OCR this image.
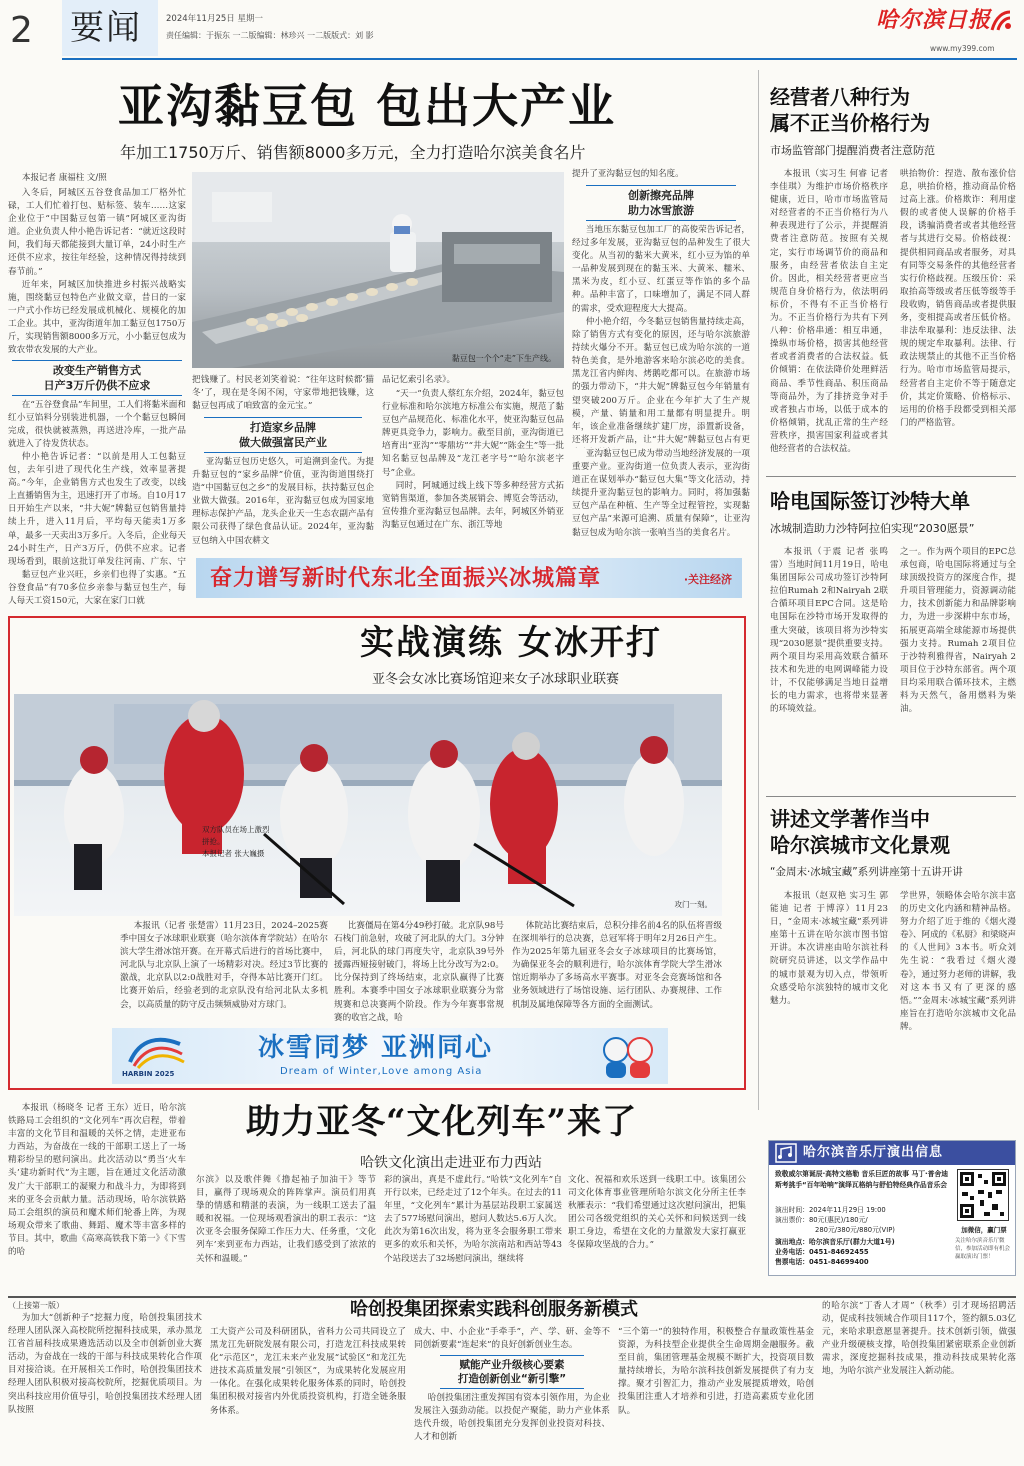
2	要闻	2024年11月25日 星期一
责任编辑：于振东 一二版编辑：林珍兴 一二版版式：刘 影
哈尔滨日报
www.my399.com
亚沟黏豆包 包出大产业
年加工1750万斤、销售额8000多万元，全力打造哈尔滨美食名片
本报记者 康福柱 文/照
入冬后，阿城区五谷登食品加工厂格外忙碌，工人们忙着打包、贴标签、装车……这家企业位于“中国黏豆包第一镇”阿城区亚沟街道。企业负责人仲小艳告诉记者：“就近这段时间，我们每天都能接到大量订单，24小时生产还供不应求，按往年经验，这种情况得持续到春节前。”
近年来，阿城区加快推进乡村振兴战略实施，围绕黏豆包特色产业做文章，昔日的一家一户式小作坊已经发展成机械化、规模化的加工企业。其中，亚沟街道年加工黏豆包1750万斤，实现销售额8000多万元，小小黏豆包成为致农带农发展的大产业。
改变生产销售方式
日产3万斤仍供不应求
在“五谷登食品”车间里，工人们将黏米面和红小豆馅料分别装进机器，一个个黏豆包瞬间完成，很快就被蒸熟，再送进冷库，一批产品就进入了待发货状态。
仲小艳告诉记者：“以前是用人工包黏豆包，去年引进了现代化生产线，效率显著提高。”今年，企业销售方式也发生了改变，以线上直播销售为主，迅速打开了市场。自10月17日开始生产以来，“井大妮”牌黏豆包销售量持续上升，进入11月后，平均每天能卖1万多单，最多一天卖出3万多斤。入冬后，企业每天24小时生产，日产3万斤，仍供不应求。记者现场看到，眼前这批订单发往河南、广东、宁
黏豆包产业兴旺，乡亲们也得了实惠。“五谷登食品”有70多位乡亲参与黏豆包生产，每人每天工资150元，大家在家门口就
黏豆包一个个“走”下生产线。
把钱赚了。村民老刘笑着说：“往年这时候都‘猫冬’了，现在是冬闲不闲，守家带地把钱赚，这黏豆包再成了咱致富的金元宝。”
打造家乡品牌
做大做强富民产业
亚沟黏豆包历史悠久，可追溯到金代。为提升黏豆包的“家乡品牌”价值，亚沟街道围绕打造“中国黏豆包之乡”的发展目标，扶持黏豆包企业做大做强。2016年，亚沟黏豆包成为国家地理标志保护产品，龙头企业天一生态农副产品有限公司获得了绿色食品认证。2024年，亚沟黏豆包纳入中国农耕文
品记忆索引名录》。
“天一”负责人蔡红东介绍，2024年，黏豆包行业标准和哈尔滨地方标准公布实施，规范了黏豆包产品规范化、标准化水平，使亚沟黏豆包品牌更具竞争力，影响力。截至目前，亚沟街道已培育出“亚沟”“零鼎坊”“井大妮”“陈金生”等一批知名黏豆包品牌及“龙江老字号”“哈尔滨老字号”企业。
同时，阿城通过线上线下等多种经营方式拓宽销售渠道，参加各类展销会、博览会等活动，宣传推介亚沟黏豆包品牌。去年，阿城区外销亚沟黏豆包通过在广东、浙江等地
提升了亚沟黏豆包的知名度。
创新擦亮品牌
助力冰雪旅游
当地压东黏豆包加工厂的高俊荣告诉记者，经过多年发展，亚沟黏豆包的品种发生了很大变化。从当初的黏米大黄米，红小豆为馅的单一品种发展到现在的黏玉米、大黄米、糯米、黑米为皮，红小豆、红蛋豆等作馅的多个品种。品种丰富了，口味增加了，满足不同人群的需求，受欢迎程度大大提高。
仲小艳介绍，今冬黏豆包销售量持续走高，除了销售方式有变化的原因，还与哈尔滨旅游持续火爆分不开。黏豆包已成为哈尔滨的一道特色美食，是外地游客来哈尔滨必吃的美食。黑龙江省内鲜肉、烤鹅吃都可以。在旅游市场的强力带动下，“井大妮”牌黏豆包今年销量有望突破200万斤。企业在今年扩大了生产规模，产量、销量和用工量都有明显提升。明年，该企业准备继续扩建厂房，添置新设备，还将开发新产品，让“井大妮”牌黏豆包占有更
亚沟黏豆包已成为带动当地经济发展的一项重要产业。亚沟街道一位负责人表示，亚沟街道正在谋划举办“黏豆包大集”等文化活动，持续提升亚沟黏豆包的影响力。同时，将加强黏豆包产品在种植、生产等全过程管控，实现黏豆包产品“来源可追溯、质量有保障”，让亚沟黏豆包成为哈尔滨一张响当当的美食名片。
奋力谱写新时代东北全面振兴冰城篇章	·关注经济
实战演练 女冰开打
亚冬会女冰比赛场馆迎来女子冰球职业联赛
双方队员在场上激烈拼抢。
本报记者 张大巍摄
攻门一刻。
本报讯（记者 张楚雷）11月23日，2024–2025赛季中国女子冰球职业联赛（哈尔滨体育学院站）在哈尔滨大学生滑冰馆开赛。在开幕式后进行的首场比赛中，河北队与北京队上演了一场精彩对决。经过3节比赛的激战，北京队以2:0战胜对手，夺得本站比赛开门红。比赛开始后，经验老到的北京队没有给河北队太多机会，以高质量的防守反击频频威胁对方球门。
比赛僵局在第4分49秒打破。北京队98号石栈门前急射，攻破了河北队的大门。3分钟后，河北队的球门再度失守，北京队39号外援露西娅接射破门，将场上比分改写为2:0。比分保持到了终场结束，北京队赢得了比赛胜利。本赛季中国女子冰球职业联赛分为常规赛和总决赛两个阶段。作为今年赛事常规赛的收官之战，哈
体院站比赛结束后，总积分排名前4名的队伍将晋级在深圳举行的总决赛，总冠军将于明年2月26日产生。作为2025年第九届亚冬会女子冰球项目的比赛场馆，为确保亚冬会的顺利进行，哈尔滨体育学院大学生滑冰馆近期举办了多场高水平赛事。对亚冬会竞赛场馆和各业务领域进行了场馆设施、运行团队、办赛规律、工作机制及属地保障等各方面的全面测试。
HARBIN 2025
冰雪同梦 亚洲同心
Dream of Winter,Love among Asia
本报讯（杨晓冬 记者 王东）近日，哈尔滨铁路局工会组织的“文化列车”再次启程，带着丰富的文化节目和温暖的关怀之情，走进亚布力西站，为奋战在一线的干部职工送上了一场精彩纷呈的慰问演出。此次活动以“勇当‘火车头’建功新时代”为主题，旨在通过文化活动激发广大干部职工的凝聚力和战斗力，为即将到来的亚冬会贡献力量。活动现场，哈尔滨铁路局工会组织的演员和魔术师们轮番上阵，为现场观众带来了歌曲、舞蹈、魔术等丰富多样的节目。其中，歌曲《高寒高铁我下第一》《下雪的哈
助力亚冬“文化列车”来了
哈铁文化演出走进亚布力西站
尔滨》以及歌伴舞《撸起袖子加油干》等节目，赢得了现场观众的阵阵掌声。演员们用真挚的情感和精湛的表演，为一线职工送去了温暖和祝福。一位现场观看演出的职工表示：“这次亚冬会服务保障工作压力大、任务重，‘文化列车’来到亚布力西站，让我们感受到了浓浓的关怀和温暖。”
彩的演出，真是不虚此行。”哈铁“文化列车”自开行以来，已经走过了12个年头。在过去的11年里，“文化列车”累计为基层站段职工家属送去了577场慰问演出，慰问人数达5.6万人次。此次为第16次出发，将为亚冬会服务职工带来更多的欢乐和关怀，为哈尔滨南站和西站等43个站段送去了32场慰问演出，继续将
文化、祝福和欢乐送到一线职工中。该集团公司文化体育事业管理所哈尔滨文化分所主任李秋雁表示：“我们希望通过这次慰问演出，把集团公司各级党组织的关心关怀和问候送到一线职工身边，希望在文化的力量激发大家打赢亚冬保障攻坚战的合力。”
经营者八种行为
属不正当价格行为
市场监管部门提醒消费者注意防范
本报讯（实习生 何睿 记者 李佳琪）为维护市场价格秩序健康，近日，哈市市场监管局对经营者的不正当价格行为八种表现进行了公示，并提醒消费者注意防范。按照有关规定，实行市场调节价的商品和服务，由经营者依法自主定价。因此，相关经营者更应当规范自身价格行为，依法明码标价，不得有不正当价格行为。不正当价格行为共有下列八种：价格串通：相互串通，操纵市场价格，损害其他经营者或者消费者的合法权益。低价倾销：在依法降价处理鲜活商品、季节性商品、积压商品等商品外，为了排挤竞争对手或者独占市场，以低于成本的价格倾销，扰乱正常的生产经营秩序，损害国家利益或者其他经营者的合法权益。
哄抬物价：捏造、散布涨价信息，哄抬价格，推动商品价格过高上涨。价格欺诈：利用虚假的或者使人误解的价格手段，诱骗消费者或者其他经营者与其进行交易。价格歧视：提供相同商品或者服务，对具有同等交易条件的其他经营者实行价格歧视。压级压价：采取抬高等级或者压低等级等手段收购，销售商品或者提供服务，变相提高或者压低价格。非法牟取暴利：违反法律、法规的规定牟取暴利。法律、行政法规禁止的其他不正当价格行为。哈市市场监管局提示，经营者自主定价不等于随意定价，其定价策略、价格标示、运用的价格手段都受到相关部门的严格监管。
哈电国际签订沙特大单
冰城制造助力沙特阿拉伯实现“2030愿景”
本报讯（于震 记者 张鸣雷）当地时间11月19日，哈电集团国际公司成功签订沙特阿拉伯Rumah 2和Nairyah 2联合循环项目EPC合同。这是哈电国际在沙特市场开发取得的重大突破，该项目将为沙特实现“2030愿景”提供重要支持。两个项目均采用高效联合循环技术和先进的电网调峰能力设计，不仅能够满足当地日益增长的电力需求，也将带来显著的环境效益。
之一。作为两个项目的EPC总承包商，哈电国际将通过与全球顶级投资方的深度合作，提升项目管理能力，资源调动能力，技术创新能力和品牌影响力，为进一步深耕中东市场，拓展更高端全球能源市场提供强力支持。Rumah 2项目位于沙特利雅得省，Nairyah 2项目位于沙特东部省。两个项目均采用联合循环技术，主燃料为天然气，备用燃料为柴油。
讲述文学著作当中
哈尔滨城市文化景观
“金周末·冰城宝藏”系列讲座第十五讲开讲
本报讯（赵双艳 实习生 郭能迪 记者 于博淳）11月23日，“金周末·冰城宝藏”系列讲座第十五讲在哈尔滨市图书馆开讲。本次讲座由哈尔滨社科院研究员讲述，以文学作品中的城市景观为切入点，带领听众感受哈尔滨独特的城市文化魅力。
学世界，领略体会哈尔滨丰富的历史文化内涵和精神品格。努力介绍了近于维的《烟火漫卷》、阿成的《私厨》和梁晓声的《人世间》3本书。听众刘先生说：“我看过《烟火漫卷》，通过努力老师的讲解，我对这本书又有了更深的感悟。”“金周末·冰城宝藏”系列讲座旨在打造哈尔滨城市文化品牌。
哈尔滨音乐厅演出信息
致敬威尔第诞辰·高特文格勒 音乐巨匠的故事 马丁·普舍迪斯考挑手“百年哈响”演绎瓦格纳与舒伯特经典作品音乐会
演出时间：2024年11月29日 19:00
演出票价：80元(惠民)/180元/
280元/380元/880元(VIP)
演出地点：哈尔滨音乐厅(群力大道1号)
业务电话：0451-84692455
售票电话：0451-84699400
加微信，赢门票
关注哈尔滨音乐厅微信，参加活动即有机会赢取演出门票！
（上接第一版）	哈创投集团探索实践科创服务新模式
为加大“创新种子”挖掘力度，哈创投集团技术经理人团队深入高校院所挖掘科技成果，承办黑龙江省首届科技成果遴选活动以及全市创新创业大赛活动，为奋战在一线的干部与科技成果转化合作项目对接洽谈。在开展相关工作时，哈创投集团技术经理人团队积极对接高校院所，挖掘优质项目。为突出科技应用价值导引，哈创投集团技术经理人团队按照
工大资产公司及科研团队，省科力公司共同设立了黑龙江先研院发展有限公司，打造龙江科技成果转化“示范区”，龙江未来产业发展“试验区”和龙江先进技术高质量发展“引领区”，为成果转化发展应用一体化。在强化成果转化服务体系的同时，哈创投集团积极对接省内外优质投资机构，打造全链条服务体系。
成大、中、小企业“手牵手”，产、学、研、金等不同创新要素“连起来”的良好创新创业生态。
赋能产业升级核心要素
打造创新创业“新引擎”
哈创投集团注重发挥国有资本引领作用，为企业发展注入强劲动能。以投促产聚能，助力产业体系迭代升级，哈创投集团充分发挥创业投资对科技、人才和创新
“三个第一”的独特作用，积极整合存量政策性基金资源，为科技型企业提供全生命周期金融服务。截至目前，集团管理基金规模不断扩大，投资项目数量持续增长，为哈尔滨科技创新发展提供了有力支撑。聚才引智汇力，推动产业发展提质增效，哈创投集团注重人才培养和引进，打造高素质专业化团队。
的哈尔滨“丁香人才周”（秋季）引才现场招聘活动，促成科技领域合作项目117个，签约额5.03亿元，来哈求职意愿显著提升。技术创新引领，做强产业升级硬核支撑，哈创投集团紧密联系企业创新需求，深度挖掘科技成果，推动科技成果转化落地，为哈尔滨产业发展注入新动能。
